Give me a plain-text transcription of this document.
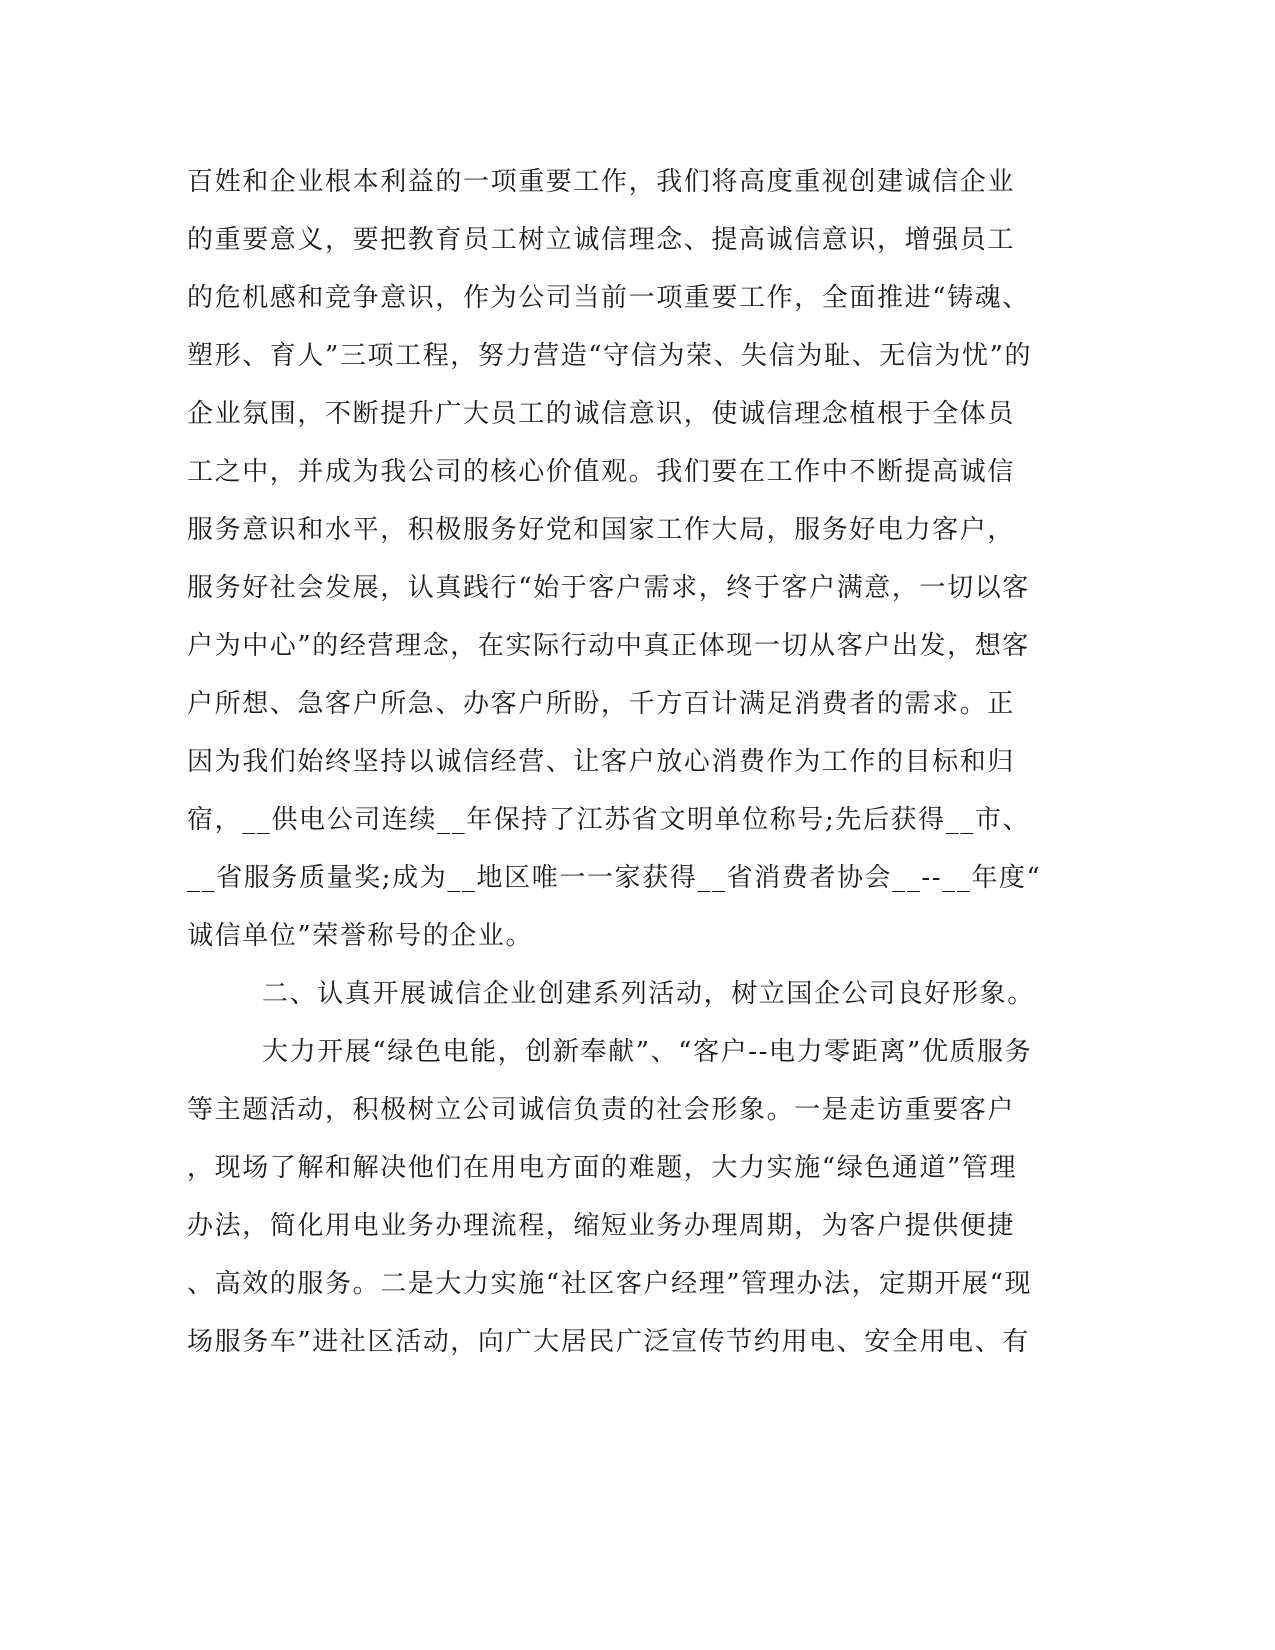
百姓和企业根本利益的一项重要工作，我们将高度重视创建诚信企业
的重要意义，要把教育员工树立诚信理念、提高诚信意识，增强员工
的危机感和竞争意识，作为公司当前一项重要工作，全面推进“铸魂、
塑形、育人”三项工程，努力营造“守信为荣、失信为耻、无信为忧”的
企业氛围，不断提升广大员工的诚信意识，使诚信理念植根于全体员
工之中，并成为我公司的核心价值观。我们要在工作中不断提高诚信
服务意识和水平，积极服务好党和国家工作大局，服务好电力客户，
服务好社会发展，认真践行“始于客户需求，终于客户满意，一切以客
户为中心”的经营理念，在实际行动中真正体现一切从客户出发，想客
户所想、急客户所急、办客户所盼，千方百计满足消费者的需求。正
因为我们始终坚持以诚信经营、让客户放心消费作为工作的目标和归
宿，__供电公司连续__年保持了江苏省文明单位称号;先后获得__市、
__省服务质量奖;成为__地区唯一一家获得__省消费者协会__--__年度“
诚信单位”荣誉称号的企业。
二、认真开展诚信企业创建系列活动，树立国企公司良好形象。
大力开展“绿色电能，创新奉献”、“客户--电力零距离”优质服务
等主题活动，积极树立公司诚信负责的社会形象。一是走访重要客户
，现场了解和解决他们在用电方面的难题，大力实施“绿色通道”管理
办法，简化用电业务办理流程，缩短业务办理周期，为客户提供便捷
、高效的服务。二是大力实施“社区客户经理”管理办法，定期开展“现
场服务车”进社区活动，向广大居民广泛宣传节约用电、安全用电、有
